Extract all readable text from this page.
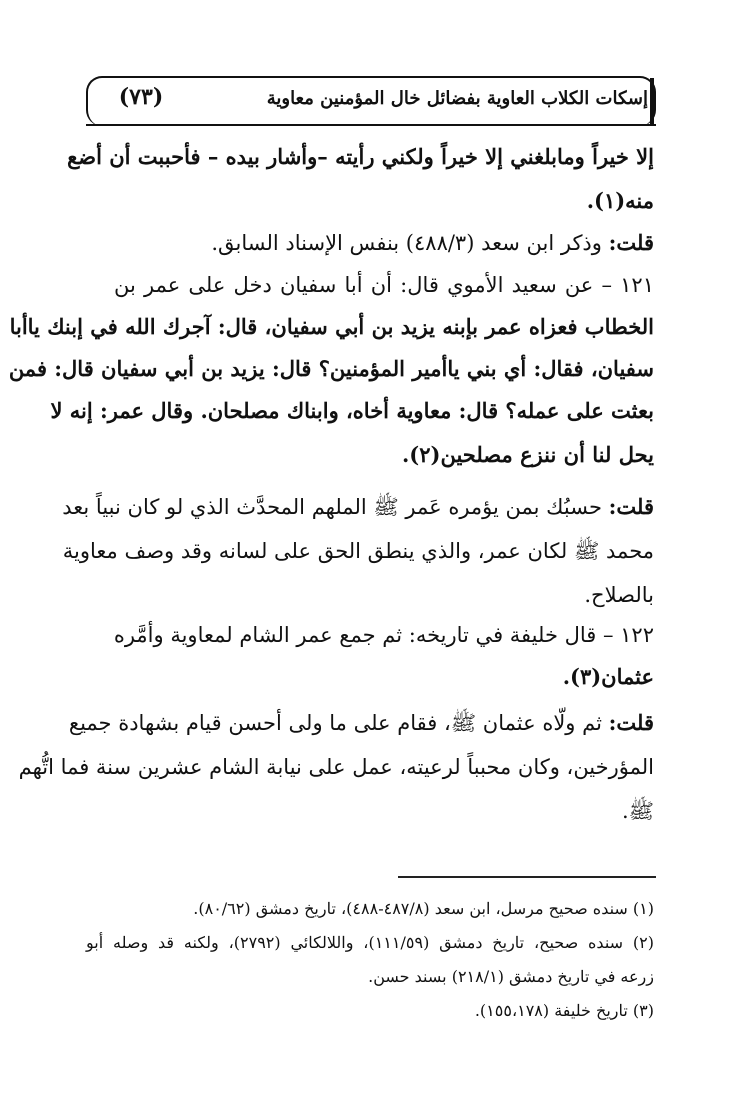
(٧٣)	إسكات الكلاب العاوية بفضائل خال المؤمنين معاوية
إلا خيراً ومابلغني إلا خيراً ولكني رأيته –وأشار بيده – فأحببت أن أضع
منه(١).
قلت: وذكر ابن سعد (٤٨٨/٣) بنفس الإسناد السابق.
١٢١ – عن سعيد الأموي قال: أن أبا سفيان دخل على عمر بن
الخطاب فعزاه عمر بإبنه يزيد بن أبي سفيان، قال: آجرك الله في إبنك ياأبا
سفيان، فقال: أي بني ياأمير المؤمنين؟ قال: يزيد بن أبي سفيان قال: فمن
بعثت على عمله؟ قال: معاوية أخاه، وابناك مصلحان. وقال عمر: إنه لا
يحل لنا أن ننزع مصلحين(٢).
قلت: حسبُك بمن يؤمره عَمر ﷺ الملهم المحدَّث الذي لو كان نبياً بعد
محمد ﷺ لكان عمر، والذي ينطق الحق على لسانه وقد وصف معاوية
بالصلاح.
١٢٢ – قال خليفة في تاريخه: ثم جمع عمر الشام لمعاوية وأمَّره
عثمان(٣).
قلت: ثم ولّاه عثمان ﷺ، فقام على ما ولى أحسن قيام بشهادة جميع
المؤرخين، وكان محبباً لرعيته، عمل على نيابة الشام عشرين سنة فما اتُّهم
ﷺ.
(١) سنده صحيح مرسل، ابن سعد (٤٨٧/٨-٤٨٨)، تاريخ دمشق (٨٠/٦٢).
(٢) سنده صحيح، تاريخ دمشق (١١١/٥٩)، واللالكائي (٢٧٩٢)، ولكنه قد وصله أبو
زرعه في تاريخ دمشق (٢١٨/١) بسند حسن.
(٣) تاريخ خليفة (١٥٥،١٧٨).
